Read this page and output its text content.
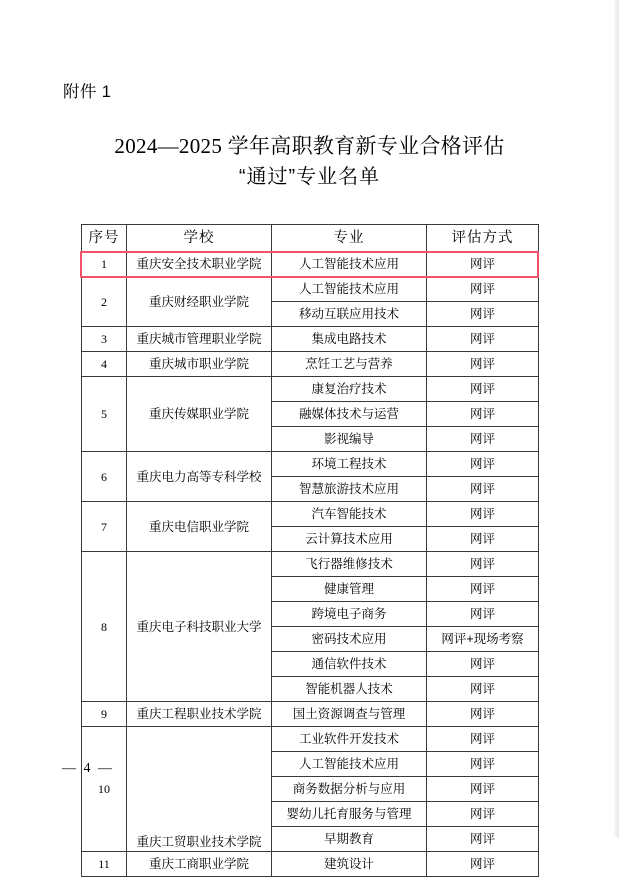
附件 1
2024—2025 学年高职教育新专业合格评估
“通过”专业名单
序号	学校	专业	评估方式
1	重庆安全技术职业学院	人工智能技术应用	网评
2	重庆财经职业学院	人工智能技术应用	网评
		移动互联应用技术	网评
3	重庆城市管理职业学院	集成电路技术	网评
4	重庆城市职业学院	烹饪工艺与营养	网评
5	重庆传媒职业学院	康复治疗技术	网评
		融媒体技术与运营	网评
		影视编导	网评
6	重庆电力高等专科学校	环境工程技术	网评
		智慧旅游技术应用	网评
7	重庆电信职业学院	汽车智能技术	网评
		云计算技术应用	网评
8	重庆电子科技职业大学	飞行器维修技术	网评
		健康管理	网评
		跨境电子商务	网评
		密码技术应用	网评+现场考察
		通信软件技术	网评
		智能机器人技术	网评
9	重庆工程职业技术学院	国土资源调查与管理	网评
10	重庆工贸职业技术学院	工业软件开发技术	网评
		人工智能技术应用	网评
		商务数据分析与应用	网评
		婴幼儿托育服务与管理	网评
		早期教育	网评
11	重庆工商职业学院	建筑设计	网评
— 4 —
